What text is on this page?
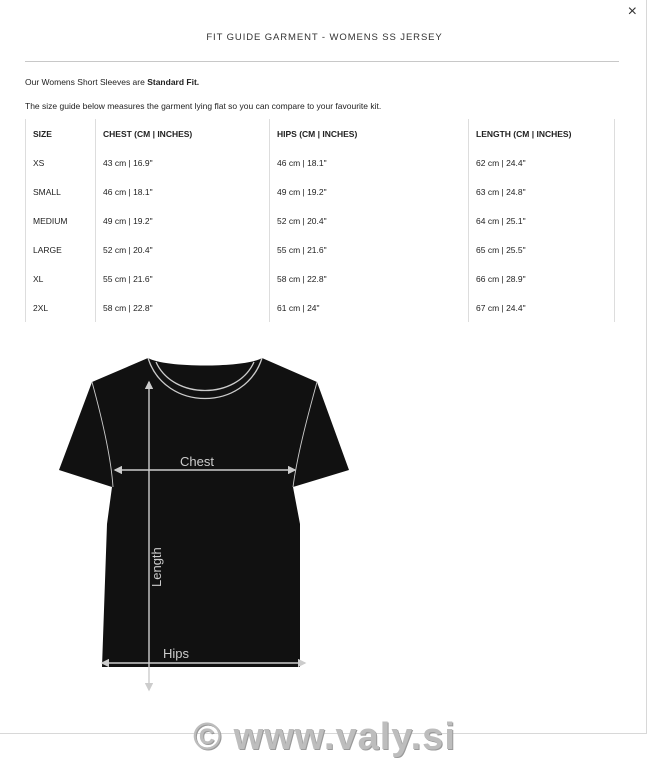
×
FIT GUIDE GARMENT - WOMENS SS JERSEY
Our Womens Short Sleeves are Standard Fit.
The size guide below measures the garment lying flat so you can compare to your favourite kit.
SIZE	CHEST (CM | INCHES)	HIPS (CM | INCHES)	LENGTH (CM | INCHES)
XS	43 cm | 16.9"	46 cm | 18.1"	62 cm | 24.4"
SMALL	46 cm | 18.1"	49 cm | 19.2"	63 cm | 24.8"
MEDIUM	49 cm | 19.2"	52 cm | 20.4"	64 cm | 25.1"
LARGE	52 cm | 20.4"	55 cm | 21.6"	65 cm | 25.5"
XL	55 cm | 21.6"	58 cm | 22.8"	66 cm | 28.9"
2XL	58 cm | 22.8"	61 cm | 24"	67 cm | 24.4"
Chest
Length
Hips
© www.valy.si
